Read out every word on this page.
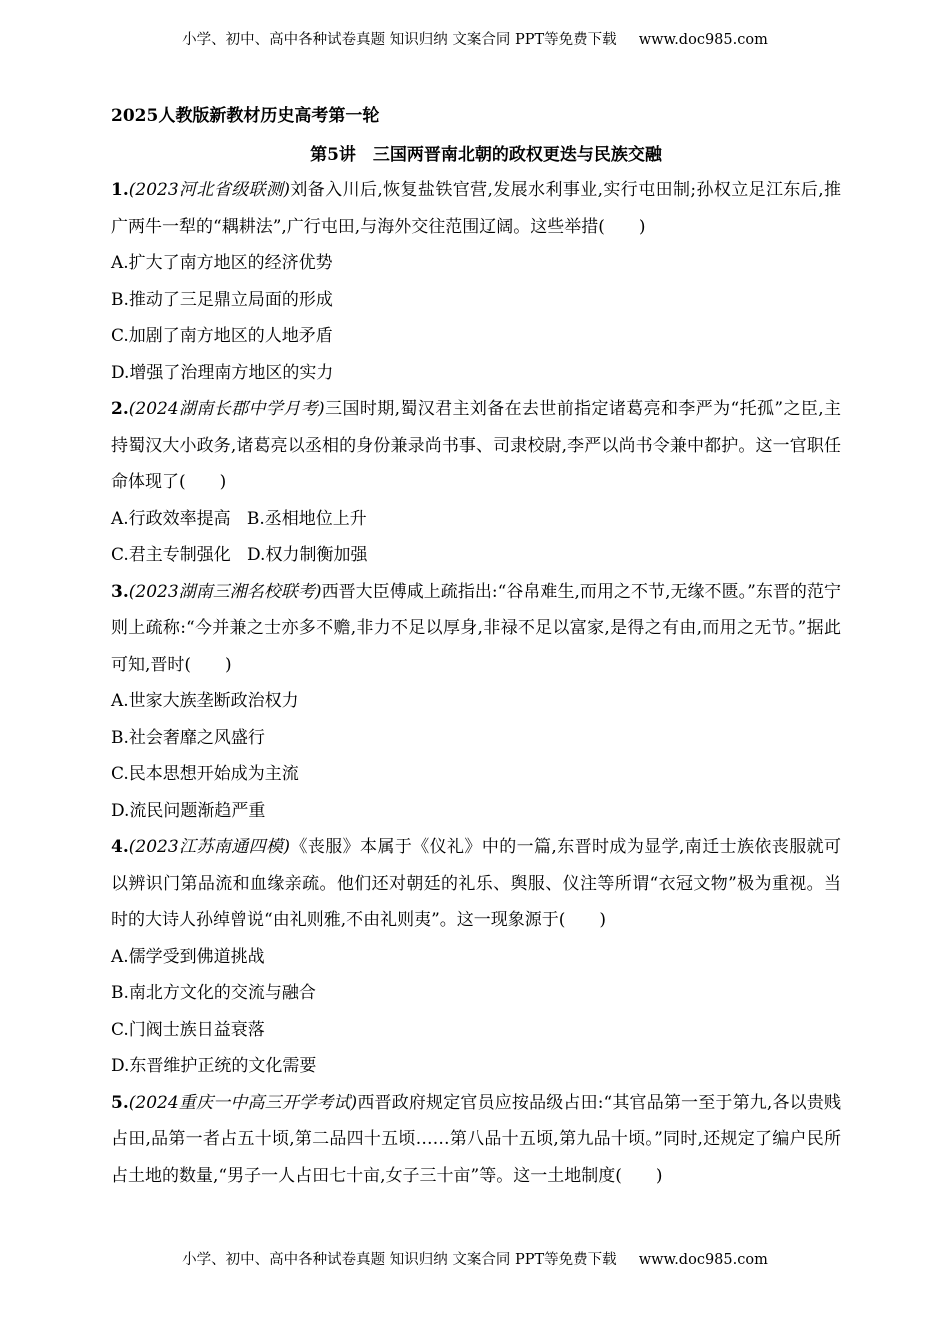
小学、初中、高中各种试卷真题 知识归纳 文案合同 PPT等免费下载 www.doc985.com
2025人教版新教材历史高考第一轮
第5讲　三国两晋南北朝的政权更迭与民族交融
1.(2023河北省级联测)刘备入川后,恢复盐铁官营,发展水利事业,实行屯田制;孙权立足江东后,推广两牛一犁的“耦耕法”,广行屯田,与海外交往范围辽阔。这些举措(　　)
A.扩大了南方地区的经济优势
B.推动了三足鼎立局面的形成
C.加剧了南方地区的人地矛盾
D.增强了治理南方地区的实力
2.(2024湖南长郡中学月考)三国时期,蜀汉君主刘备在去世前指定诸葛亮和李严为“托孤”之臣,主持蜀汉大小政务,诸葛亮以丞相的身份兼录尚书事、司隶校尉,李严以尚书令兼中都护。这一官职任命体现了(　　)
A.行政效率提高   B.丞相地位上升
C.君主专制强化   D.权力制衡加强
3.(2023湖南三湘名校联考)西晋大臣傅咸上疏指出:“谷帛难生,而用之不节,无缘不匮。”东晋的范宁则上疏称:“今并兼之士亦多不赡,非力不足以厚身,非禄不足以富家,是得之有由,而用之无节。”据此可知,晋时(　　)
A.世家大族垄断政治权力
B.社会奢靡之风盛行
C.民本思想开始成为主流
D.流民问题渐趋严重
4.(2023江苏南通四模)《丧服》本属于《仪礼》中的一篇,东晋时成为显学,南迁士族依丧服就可以辨识门第品流和血缘亲疏。他们还对朝廷的礼乐、舆服、仪注等所谓“衣冠文物”极为重视。当时的大诗人孙绰曾说“由礼则雅,不由礼则夷”。这一现象源于(　　)
A.儒学受到佛道挑战
B.南北方文化的交流与融合
C.门阀士族日益衰落
D.东晋维护正统的文化需要
5.(2024重庆一中高三开学考试)西晋政府规定官员应按品级占田:“其官品第一至于第九,各以贵贱占田,品第一者占五十顷,第二品四十五顷……第八品十五顷,第九品十顷。”同时,还规定了编户民所占土地的数量,“男子一人占田七十亩,女子三十亩”等。这一土地制度(　　)
小学、初中、高中各种试卷真题 知识归纳 文案合同 PPT等免费下载 www.doc985.com
